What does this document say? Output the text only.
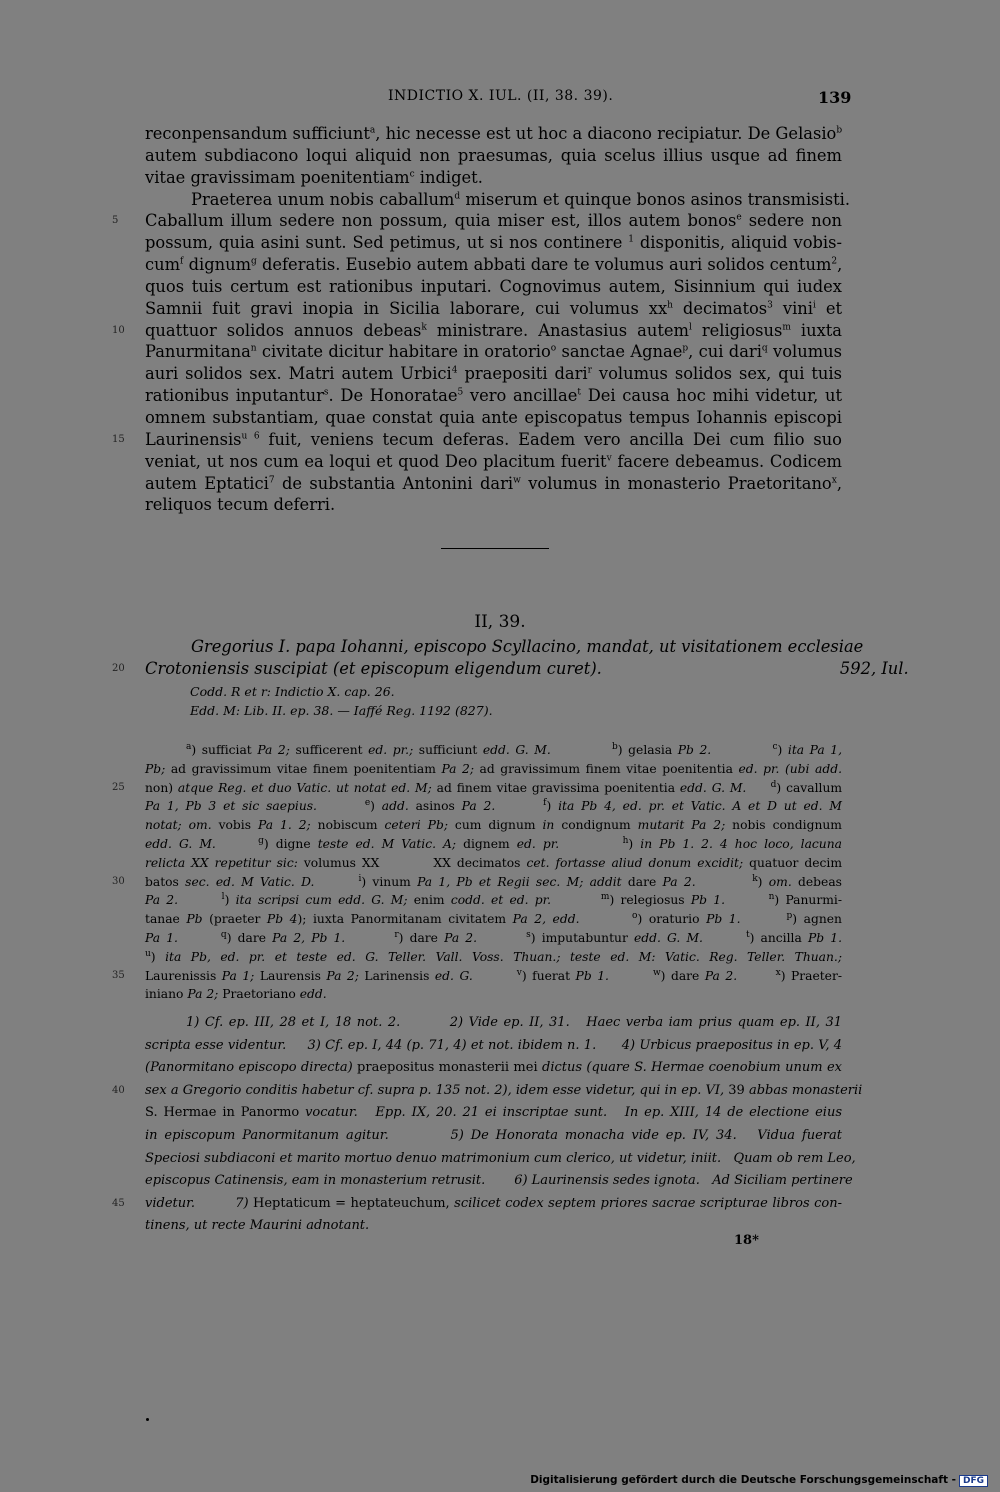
INDICTIO X. IUL. (II, 38. 39).	139
reconpensandum sufficiunt$^a$, hic necesse est ut hoc a diacono recipiatur. De Gelasio$^b$
autem subdiacono loqui aliquid non praesumas, quia scelus illius usque ad finem
vitae gravissimam poenitentiam$^c$ indiget.
Praeterea unum nobis caballum$^d$ miserum et quinque bonos asinos transmisisti.
5 Caballum illum sedere non possum, quia miser est, illos autem bonos$^e$ sedere non
possum, quia asini sunt. Sed petimus, ut si nos continere $^1$ disponitis, aliquid vobis-
cum$^f$ dignum$^g$ deferatis. Eusebio autem abbati dare te volumus auri solidos centum$^2$,
quos tuis certum est rationibus inputari. Cognovimus autem, Sisinnium qui iudex
Samnii fuit gravi inopia in Sicilia laborare, cui volumus $xx^h$ decimatos$^3$ vini$^i$ et
10 quattuor solidos annuos debeas$^k$ ministrare. Anastasius autem$^l$ religiosus$^m$ iuxta
Panurmitana$^n$ civitate dicitur habitare in oratorio$^o$ sanctae Agnae$^p$, cui dari$^q$ volumus
auri solidos sex. Matri autem Urbici$^4$ praepositi dari$^r$ volumus solidos sex, qui tuis
rationibus inputantur$^s$. De Honoratae$^5$ vero ancillae$^t$ Dei causa hoc mihi videtur, ut
omnem substantiam, quae constat quia ante episcopatus tempus Iohannis episcopi
15 Laurinensis$^{u 6}$ fuit, veniens tecum deferas. Eadem vero ancilla Dei cum filio suo
veniat, ut nos cum ea loqui et quod Deo placitum fuerit$^v$ facere debeamus. Codicem
autem Eptatici$^7$ de substantia Antonini dari$^w$ volumus in monasterio Praetoritano$^x$,
reliquos tecum deferri.
II, 39.
Gregorius I. papa Iohanni, episcopo Scyllacino, mandat, ut visitationem ecclesiae
20 Crotoniensis suscipiat (et episcopum eligendum curet).                                              592, Iul.
Codd. R et r: Indictio X. cap. 26.
Edd. M: Lib. II. ep. 38. — Iaffé Reg. 1192 (827).
$^a$) sufficiat Pa 2; sufficerent ed. pr.; sufficiunt edd. G. M.	$^b$) gelasia Pb 2.	$^c$) ita Pa 1,
Pb; ad gravissimum vitae finem poenitentiam Pa 2; ad gravissimum finem vitae poenitentia ed. pr. (ubi add.
25 non) atque Reg. et duo Vatic. ut notat ed. M; ad finem vitae gravissima poenitentia edd. G. M.	$^d$) cavallum
Pa 1, Pb 3 et sic saepius.	$^e$) add. asinos Pa 2.	$^f$) ita Pb 4, ed. pr. et Vatic. A et D ut ed. M
notat; om. vobis Pa 1. 2; nobiscum ceteri Pb; cum dignum in condignum mutarit Pa 2; nobis condignum
edd. G. M.	$^g$) digne teste ed. M Vatic. A; dignem ed. pr.	$^h$) in Pb 1. 2. 4 hoc loco, lacuna
relicta XX repetitur sic: volumus XX         XX decimatos cet. fortasse aliud donum excidit; quatuor decim
30 batos sec. ed. M Vatic. D.	$^i$) vinum Pa 1, Pb et Regii sec. M; addit dare Pa 2.	$^k$) om. debeas
Pa 2.	$^l$) ita scripsi cum edd. G. M; enim codd. et ed. pr.	$^m$) relegiosus Pb 1.	$^n$) Panurmi-
tanae Pb (praeter Pb 4); iuxta Panormitanam civitatem Pa 2, edd.	$^o$) oraturio Pb 1.	$^p$) agnen
Pa 1.	$^q$) dare Pa 2, Pb 1.	$^r$) dare Pa 2.	$^s$) imputabuntur edd. G. M.	$^t$) ancilla Pb 1.
$^u$) ita Pb, ed. pr. et teste ed. G. Teller. Vall. Voss. Thuan.; teste ed. M: Vatic. Reg. Teller. Thuan.;
35 Laurenissis Pa 1; Laurensis Pa 2; Larinensis ed. G.	$^v$) fuerat Pb 1.	$^w$) dare Pa 2.	$^x$) Praeter-
iniano Pa 2; Praetoriano edd.
1) Cf. ep. III, 28 et I, 18 not. 2.         2) Vide ep. II, 31.   Haec verba iam prius quam ep. II, 31
scripta esse videntur.     3) Cf. ep. I, 44 (p. 71, 4) et not. ibidem n. 1.      4) Urbicus praepositus in ep. V, 4
(Panormitano episcopo directa) praepositus monasterii mei dictus (quare S. Hermae coenobium unum ex
40 sex a Gregorio conditis habetur cf. supra p. 135 not. 2), idem esse videtur, qui in ep. VI, 39 abbas monasterii
S. Hermae in Panormo vocatur.   Epp. IX, 20. 21 ei inscriptae sunt.   In ep. XIII, 14 de electione eius
in episcopum Panormitanum agitur.         5) De Honorata monacha vide ep. IV, 34.   Vidua fuerat
Speciosi subdiaconi et marito mortuo denuo matrimonium cum clerico, ut videtur, iniit.   Quam ob rem Leo,
episcopus Catinensis, eam in monasterium retrusit.       6) Laurinensis sedes ignota.   Ad Siciliam pertinere
45 videtur.         7) Heptaticum = heptateuchum, scilicet codex septem priores sacrae scripturae libros con-
tinens, ut recte Maurini adnotant.
18*
Digitalisierung gefördert durch die Deutsche Forschungsgemeinschaft - DFG
